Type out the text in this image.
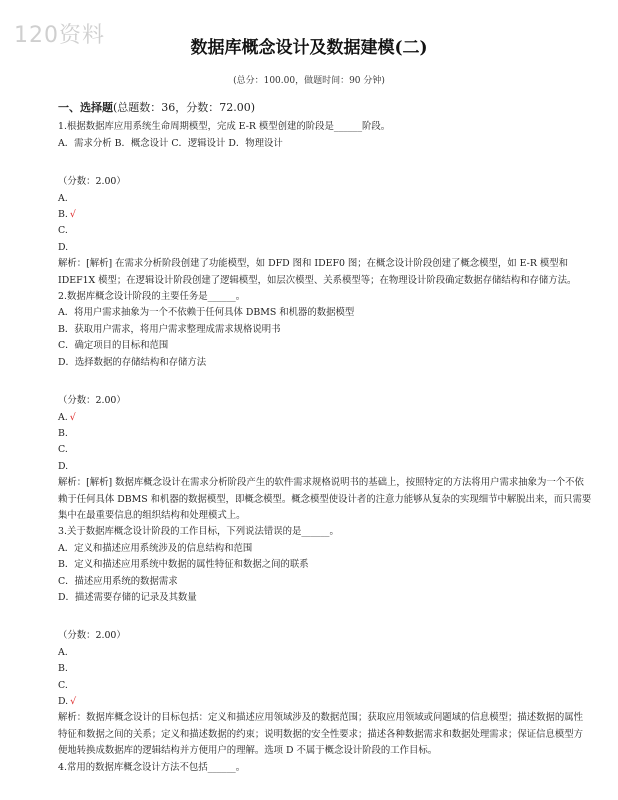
120资料	数据库概念设计及数据建模(二)
(总分：100.00，做题时间：90 分钟)
一、选择题(总题数：36，分数：72.00)

1.根据数据库应用系统生命周期模型，完成 E-R 模型创建的阶段是______阶段。

A．需求分析 B．概念设计 C．逻辑设计 D．物理设计

（分数：2.00）

A.

B. √

C.

D.

解析：[解析] 在需求分析阶段创建了功能模型，如 DFD 图和 IDEF0 图；在概念设计阶段创建了概念模型，如 E-R 模型和 IDEF1X 模型；在逻辑设计阶段创建了逻辑模型，如层次模型、关系模型等；在物理设计阶段确定数据存储结构和存储方法。

2.数据库概念设计阶段的主要任务是______。

A．将用户需求抽象为一个不依赖于任何具体 DBMS 和机器的数据模型

B．获取用户需求，将用户需求整理成需求规格说明书

C．确定项目的目标和范围

D．选择数据的存储结构和存储方法

（分数：2.00）

A. √

B.

C.

D.

解析：[解析] 数据库概念设计在需求分析阶段产生的软件需求规格说明书的基础上，按照特定的方法将用户需求抽象为一个不依赖于任何具体 DBMS 和机器的数据模型，即概念模型。概念模型使设计者的注意力能够从复杂的实现细节中解脱出来，而只需要集中在最重要信息的组织结构和处理模式上。

3.关于数据库概念设计阶段的工作目标，下列说法错误的是______。

A．定义和描述应用系统涉及的信息结构和范围

B．定义和描述应用系统中数据的属性特征和数据之间的联系

C．描述应用系统的数据需求

D．描述需要存储的记录及其数量

（分数：2.00）

A.

B.

C.

D. √

解析：数据库概念设计的目标包括：定义和描述应用领域涉及的数据范围；获取应用领域或问题域的信息模型；描述数据的属性特征和数据之间的关系；定义和描述数据的约束；说明数据的安全性要求；描述各种数据需求和数据处理需求；保证信息模型方便地转换成数据库的逻辑结构并方便用户的理解。选项 D 不属于概念设计阶段的工作目标。

4.常用的数据库概念设计方法不包括______。
